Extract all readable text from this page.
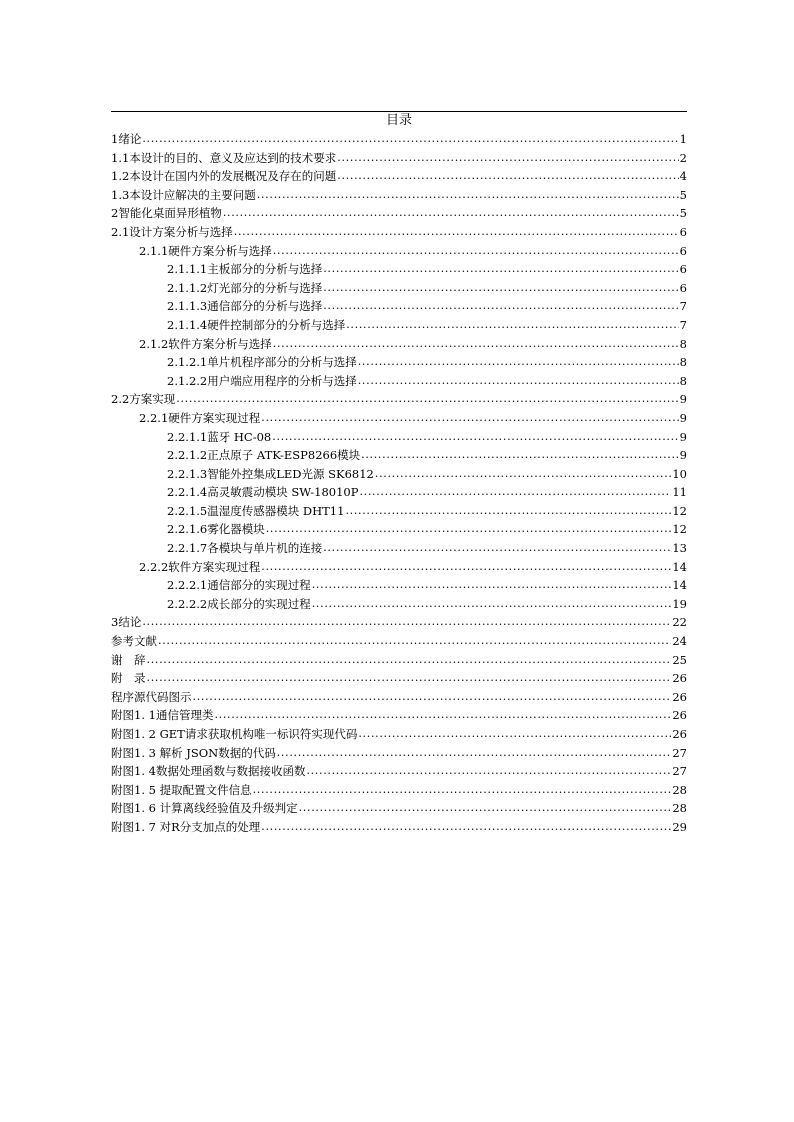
目录
1绪论 . . .	1
1.1本设计的目的、意义及应达到的技术要求 . . .	2
1.2本设计在国内外的发展概况及存在的问题 . . .	4
1.3本设计应解决的主要问题 . . .	5
2智能化桌面异形植物 . . .	5
2.1设计方案分析与选择 . . .	6
2.1.1硬件方案分析与选择 . . .	6
2.1.1.1主板部分的分析与选择 . . .	6
2.1.1.2灯光部分的分析与选择 . . .	6
2.1.1.3通信部分的分析与选择 . . .	7
2.1.1.4硬件控制部分的分析与选择 . . .	7
2.1.2软件方案分析与选择 . . .	8
2.1.2.1单片机程序部分的分析与选择 . . .	8
2.1.2.2用户端应用程序的分析与选择 . . .	8
2.2方案实现 . . .	9
2.2.1硬件方案实现过程 . . .	9
2.2.1.1蓝牙 HC-08 . . .	9
2.2.1.2正点原子 ATK-ESP8266模块 . . .	9
2.2.1.3智能外控集成LED光源 SK6812 . . .	10
2.2.1.4高灵敏震动模块 SW-18010P . . .	11
2.2.1.5温湿度传感器模块 DHT11 . . .	12
2.2.1.6雾化器模块 . . .	12
2.2.1.7各模块与单片机的连接 . . .	13
2.2.2软件方案实现过程 . . .	14
2.2.2.1通信部分的实现过程 . . .	14
2.2.2.2成长部分的实现过程 . . .	19
3结论 . . .	22
参考文献 . . .	24
谢　辞 . . .	25
附　录 . . .	26
程序源代码图示 . . .	26
附图1. 1通信管理类 . . .	26
附图1. 2 GET请求获取机构唯一标识符实现代码 . . .	26
附图1. 3 解析 JSON数据的代码 . . .	27
附图1. 4数据处理函数与数据接收函数 . . .	27
附图1. 5 提取配置文件信息 . . .	28
附图1. 6 计算离线经验值及升级判定 . . .	28
附图1. 7 对R分支加点的处理 . . .	29
